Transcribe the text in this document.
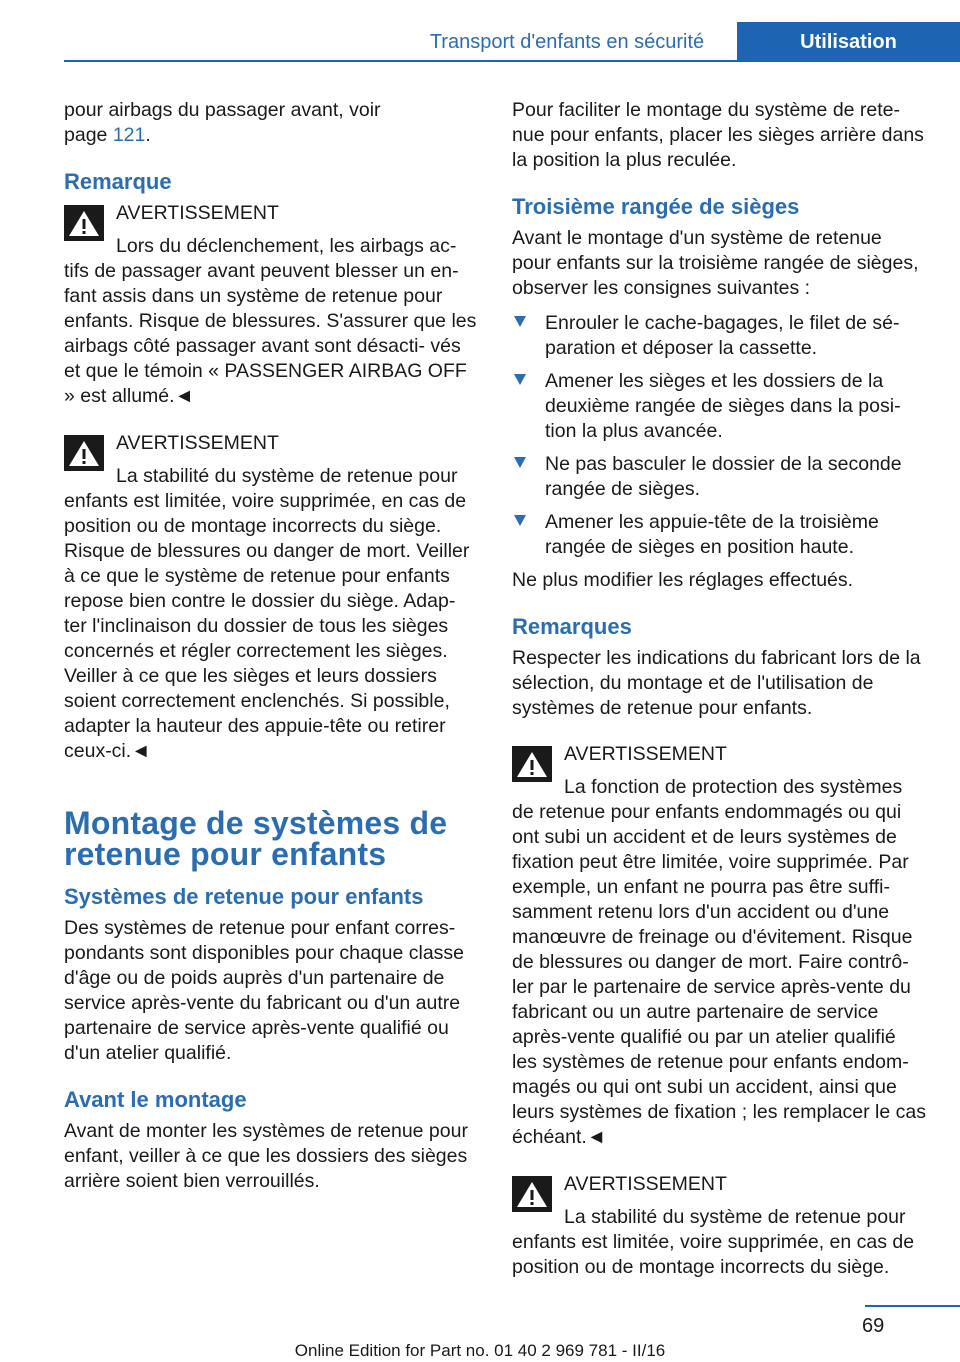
Transport d'enfants en sécurité	Utilisation

pour airbags du passager avant, voir
page 121.

Remarque
AVERTISSEMENT
Lors du déclenchement, les airbags ac‐
tifs de passager avant peuvent blesser un en‐ fant assis dans un système de retenue pour enfants. Risque de blessures. S'assurer que les airbags côté passager avant sont désacti‐ vés et que le témoin « PASSENGER AIRBAG OFF » est allumé.◄
AVERTISSEMENT
La stabilité du système de retenue pour
enfants est limitée, voire supprimée, en cas de position ou de montage incorrects du siège. Risque de blessures ou danger de mort. Veiller à ce que le système de retenue pour enfants repose bien contre le dossier du siège. Adap‐ ter l'inclinaison du dossier de tous les sièges concernés et régler correctement les sièges. Veiller à ce que les sièges et leurs dossiers soient correctement enclenchés. Si possible, adapter la hauteur des appuie-tête ou retirer ceux-ci.◄
Montage de systèmes de retenue pour enfants
Systèmes de retenue pour enfants

Des systèmes de retenue pour enfant corres‐ pondants sont disponibles pour chaque classe d'âge ou de poids auprès d'un partenaire de service après-vente du fabricant ou d'un autre partenaire de service après-vente qualifié ou d'un atelier qualifié.

Avant le montage

Avant de monter les systèmes de retenue pour enfant, veiller à ce que les dossiers des sièges arrière soient bien verrouillés.

Pour faciliter le montage du système de rete‐ nue pour enfants, placer les sièges arrière dans la position la plus reculée.

Troisième rangée de sièges

Avant le montage d'un système de retenue pour enfants sur la troisième rangée de sièges, observer les consignes suivantes :

Enrouler le cache-bagages, le filet de sé‐ paration et déposer la cassette.
Amener les sièges et les dossiers de la deuxième rangée de sièges dans la posi‐ tion la plus avancée.
Ne pas basculer le dossier de la seconde rangée de sièges.
Amener les appuie-tête de la troisième rangée de sièges en position haute.

Ne plus modifier les réglages effectués.

Remarques

Respecter les indications du fabricant lors de la sélection, du montage et de l'utilisation de systèmes de retenue pour enfants.

AVERTISSEMENT
La fonction de protection des systèmes
de retenue pour enfants endommagés ou qui ont subi un accident et de leurs systèmes de fixation peut être limitée, voire supprimée. Par exemple, un enfant ne pourra pas être suffi‐ samment retenu lors d'un accident ou d'une manœuvre de freinage ou d'évitement. Risque de blessures ou danger de mort. Faire contrô‐ ler par le partenaire de service après-vente du fabricant ou un autre partenaire de service après-vente qualifié ou par un atelier qualifié les systèmes de retenue pour enfants endom‐ magés ou qui ont subi un accident, ainsi que leurs systèmes de fixation ; les remplacer le cas échéant.◄
AVERTISSEMENT
La stabilité du système de retenue pour
enfants est limitée, voire supprimée, en cas de position ou de montage incorrects du siège.
69
Online Edition for Part no. 01 40 2 969 781 - II/16
